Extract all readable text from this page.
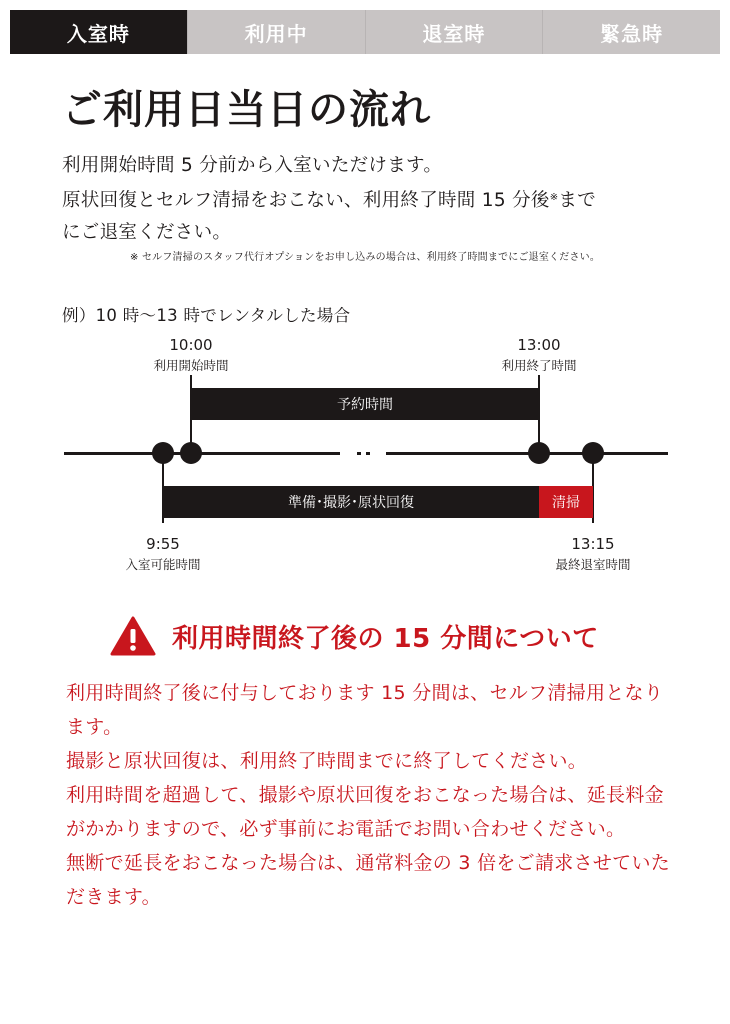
入室時	利用中	退室時	緊急時
ご利用日当日の流れ

利用開始時間 5 分前から入室いただけます。

原状回復とセルフ清掃をおこない、利用終了時間 15 分後※まで

にご退室ください。

※ セルフ清掃のスタッフ代行オプションをお申し込みの場合は、利用終了時間までにご退室ください。
例）10 時〜13 時でレンタルした場合
10:00
利用開始時間
13:00
利用終了時間
予約時間
準備･撮影･原状回復	清掃
9:55
入室可能時間
13:15
最終退室時間
利用時間終了後の 15 分間について

利用時間終了後に付与しております 15 分間は、セルフ清掃用となります。

撮影と原状回復は、利用終了時間までに終了してください。

利用時間を超過して、撮影や原状回復をおこなった場合は、延長料金がかかりますので、必ず事前にお電話でお問い合わせください。

無断で延長をおこなった場合は、通常料金の 3 倍をご請求させていただきます。
